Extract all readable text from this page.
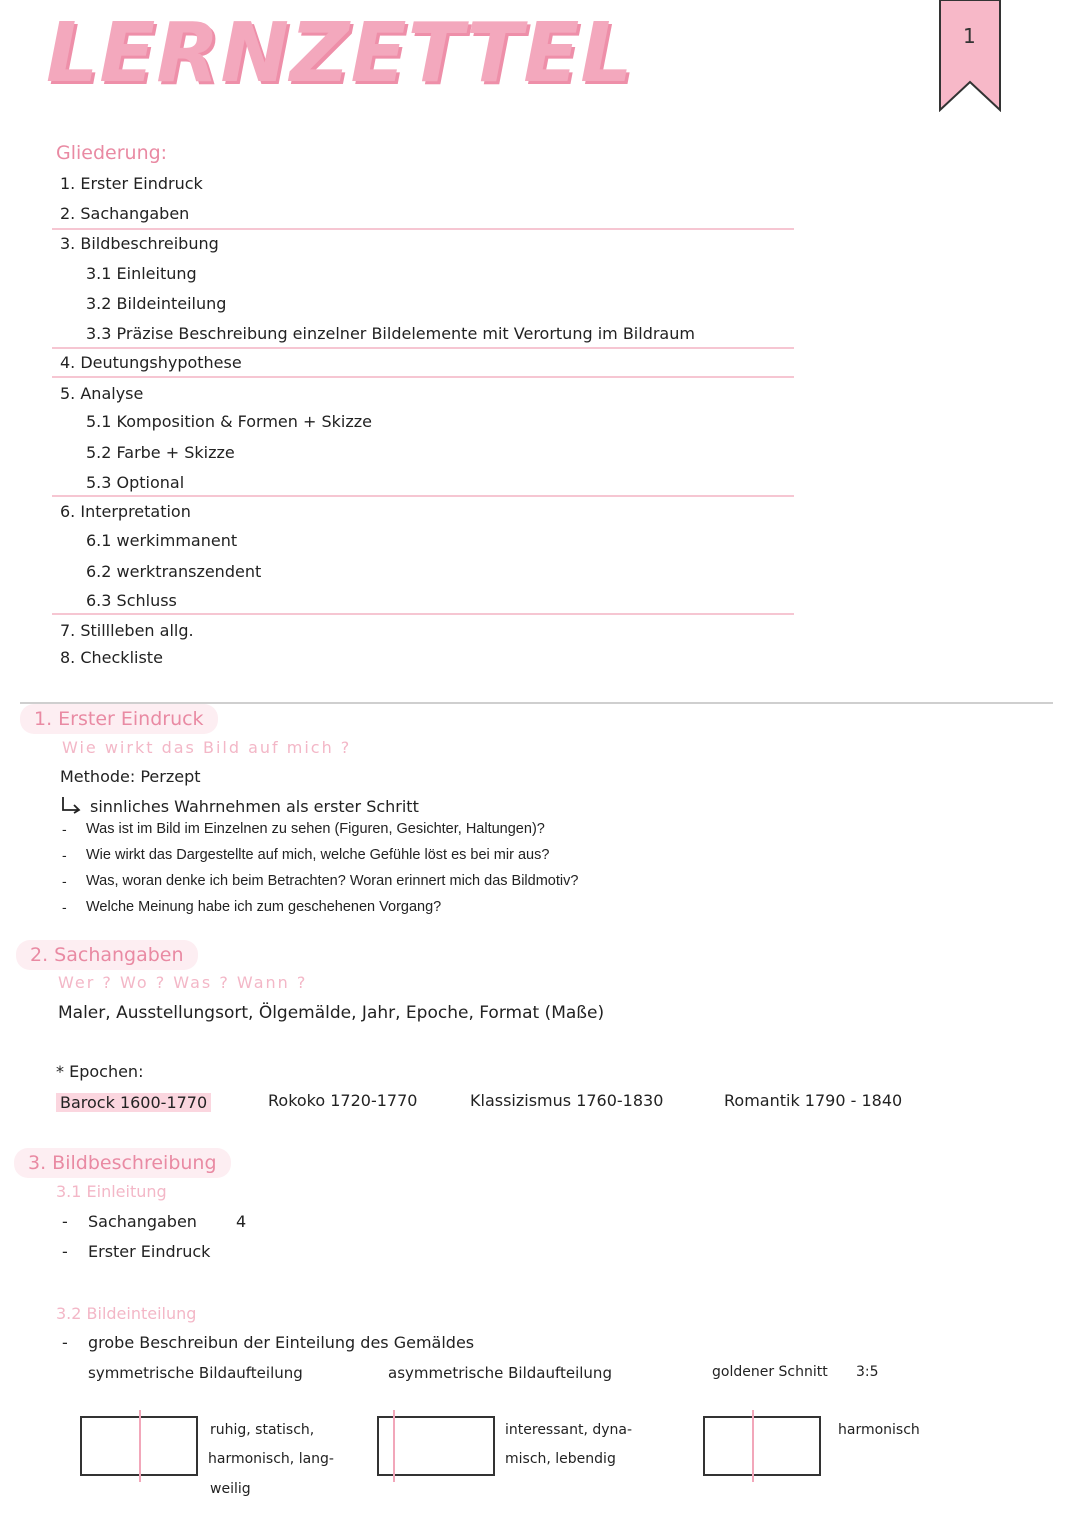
LERNZETTEL	1
Gliederung:
1. Erster Eindruck
2. Sachangaben
3. Bildbeschreibung
3.1 Einleitung
3.2 Bildeinteilung
3.3 Präzise Beschreibung einzelner Bildelemente mit Verortung im Bildraum
4. Deutungshypothese
5. Analyse
5.1 Komposition & Formen + Skizze
5.2 Farbe + Skizze
5.3 Optional
6. Interpretation
6.1 werkimmanent
6.2 werktranszendent
6.3 Schluss
7. Stillleben allg.
8. Checkliste
1. Erster Eindruck
Wie wirkt das Bild auf mich ?
Methode: Perzept
sinnliches Wahrnehmen als erster Schritt
- Was ist im Bild im Einzelnen zu sehen (Figuren, Gesichter, Haltungen)?
- Wie wirkt das Dargestellte auf mich, welche Gefühle löst es bei mir aus?
- Was, woran denke ich beim Betrachten? Woran erinnert mich das Bildmotiv?
- Welche Meinung habe ich zum geschehenen Vorgang?
2. Sachangaben
Wer ? Wo ? Was ? Wann ?
Maler, Ausstellungsort, Ölgemälde, Jahr, Epoche, Format (Maße)
* Epochen:
Barock 1600-1770	Rokoko 1720-1770	Klassizismus 1760-1830	Romantik 1790 - 1840
3. Bildbeschreibung
3.1 Einleitung
- Sachangaben 4
- Erster Eindruck
3.2 Bildeinteilung
- grobe Beschreibun der Einteilung des Gemäldes
symmetrische Bildaufteilung	asymmetrische Bildaufteilung	goldener Schnitt 3:5
ruhig, statisch,
harmonisch, lang-
weilig
interessant, dyna-
misch, lebendig
harmonisch
